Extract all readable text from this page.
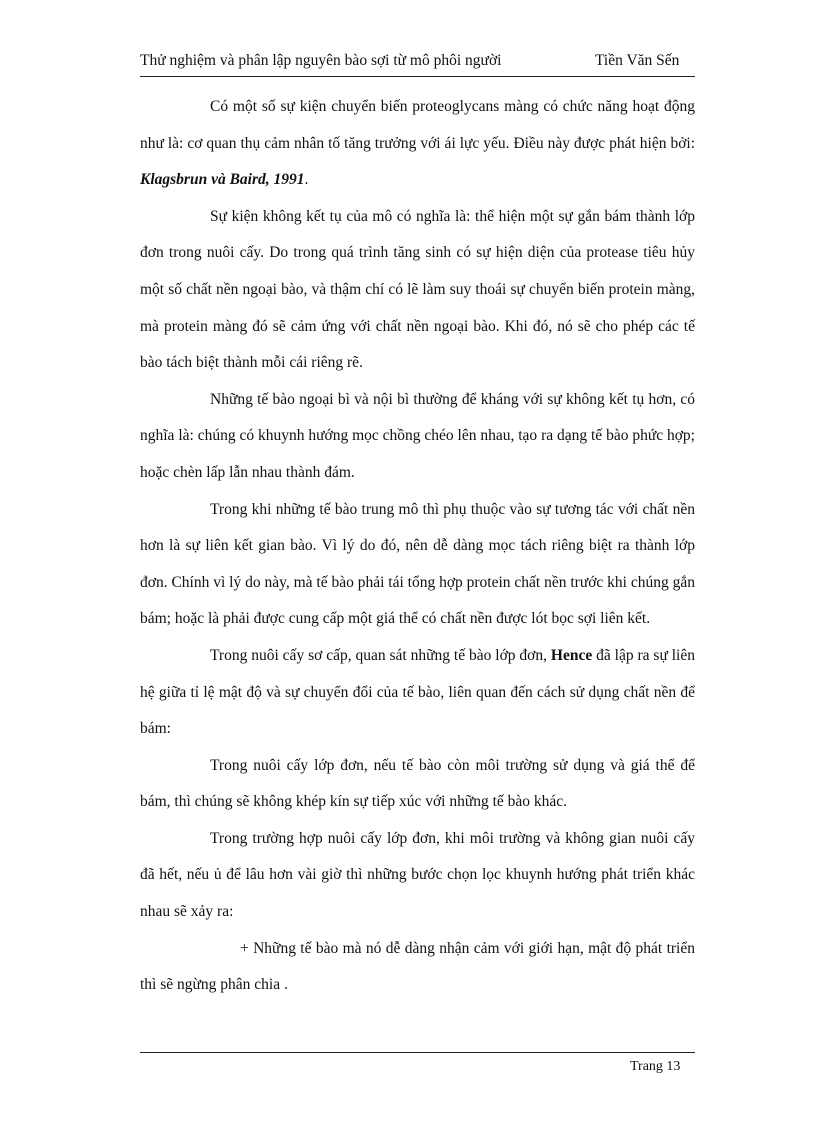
Thử nghiệm và phân lập nguyên bào sợi từ mô phôi người	Tiền Văn Sến

Có một số sự kiện chuyển biến proteoglycans màng có chức năng hoạt động như là: cơ quan thụ cảm nhân tố tăng trưởng với ái lực yếu. Điều này được phát hiện bởi: Klagsbrun và Baird, 1991.

Sự kiện không kết tụ của mô có nghĩa là: thể hiện một sự gắn bám thành lớp đơn trong nuôi cấy. Do trong quá trình tăng sinh có sự hiện diện của protease tiêu hủy một số chất nền ngoại bào, và thậm chí có lẽ làm suy thoái sự chuyển biến protein màng, mà protein màng đó sẽ cảm ứng với chất nền ngoại bào. Khi đó, nó sẽ cho phép các tế bào tách biệt thành mỗi cái riêng rẽ.

Những tế bào ngoại bì và nội bì thường để kháng với sự không kết tụ hơn, có nghĩa là: chúng có khuynh hướng mọc chồng chéo lên nhau, tạo ra dạng tế bào phức hợp; hoặc chèn lấp lẫn nhau thành đám.

Trong khi những tế bào trung mô thì phụ thuộc vào sự tương tác với chất nền hơn là sự liên kết gian bào. Vì lý do đó, nên dễ dàng mọc tách riêng biệt ra thành lớp đơn. Chính vì lý do này, mà tế bào phải tái tổng hợp protein chất nền trước khi chúng gắn bám; hoặc là phải được cung cấp một giá thể có chất nền được lót bọc sợi liên kết.

Trong nuôi cấy sơ cấp, quan sát những tế bào lớp đơn, Hence đã lập ra sự liên hệ giữa tỉ lệ mật độ và sự chuyển đổi của tế bào, liên quan đến cách sử dụng chất nền để bám:

Trong nuôi cấy lớp đơn, nếu tế bào còn môi trường sử dụng và giá thể để bám, thì chúng sẽ không khép kín sự tiếp xúc với những tế bào khác.

Trong trường hợp nuôi cấy lớp đơn, khi môi trường và không gian nuôi cấy đã hết, nếu ủ để lâu hơn vài giờ thì những bước chọn lọc khuynh hướng phát triển khác nhau sẽ xảy ra:

+ Những tế bào mà nó dễ dàng nhận cảm với giới hạn, mật độ phát triển thì sẽ ngừng phân chia .

Trang 13
